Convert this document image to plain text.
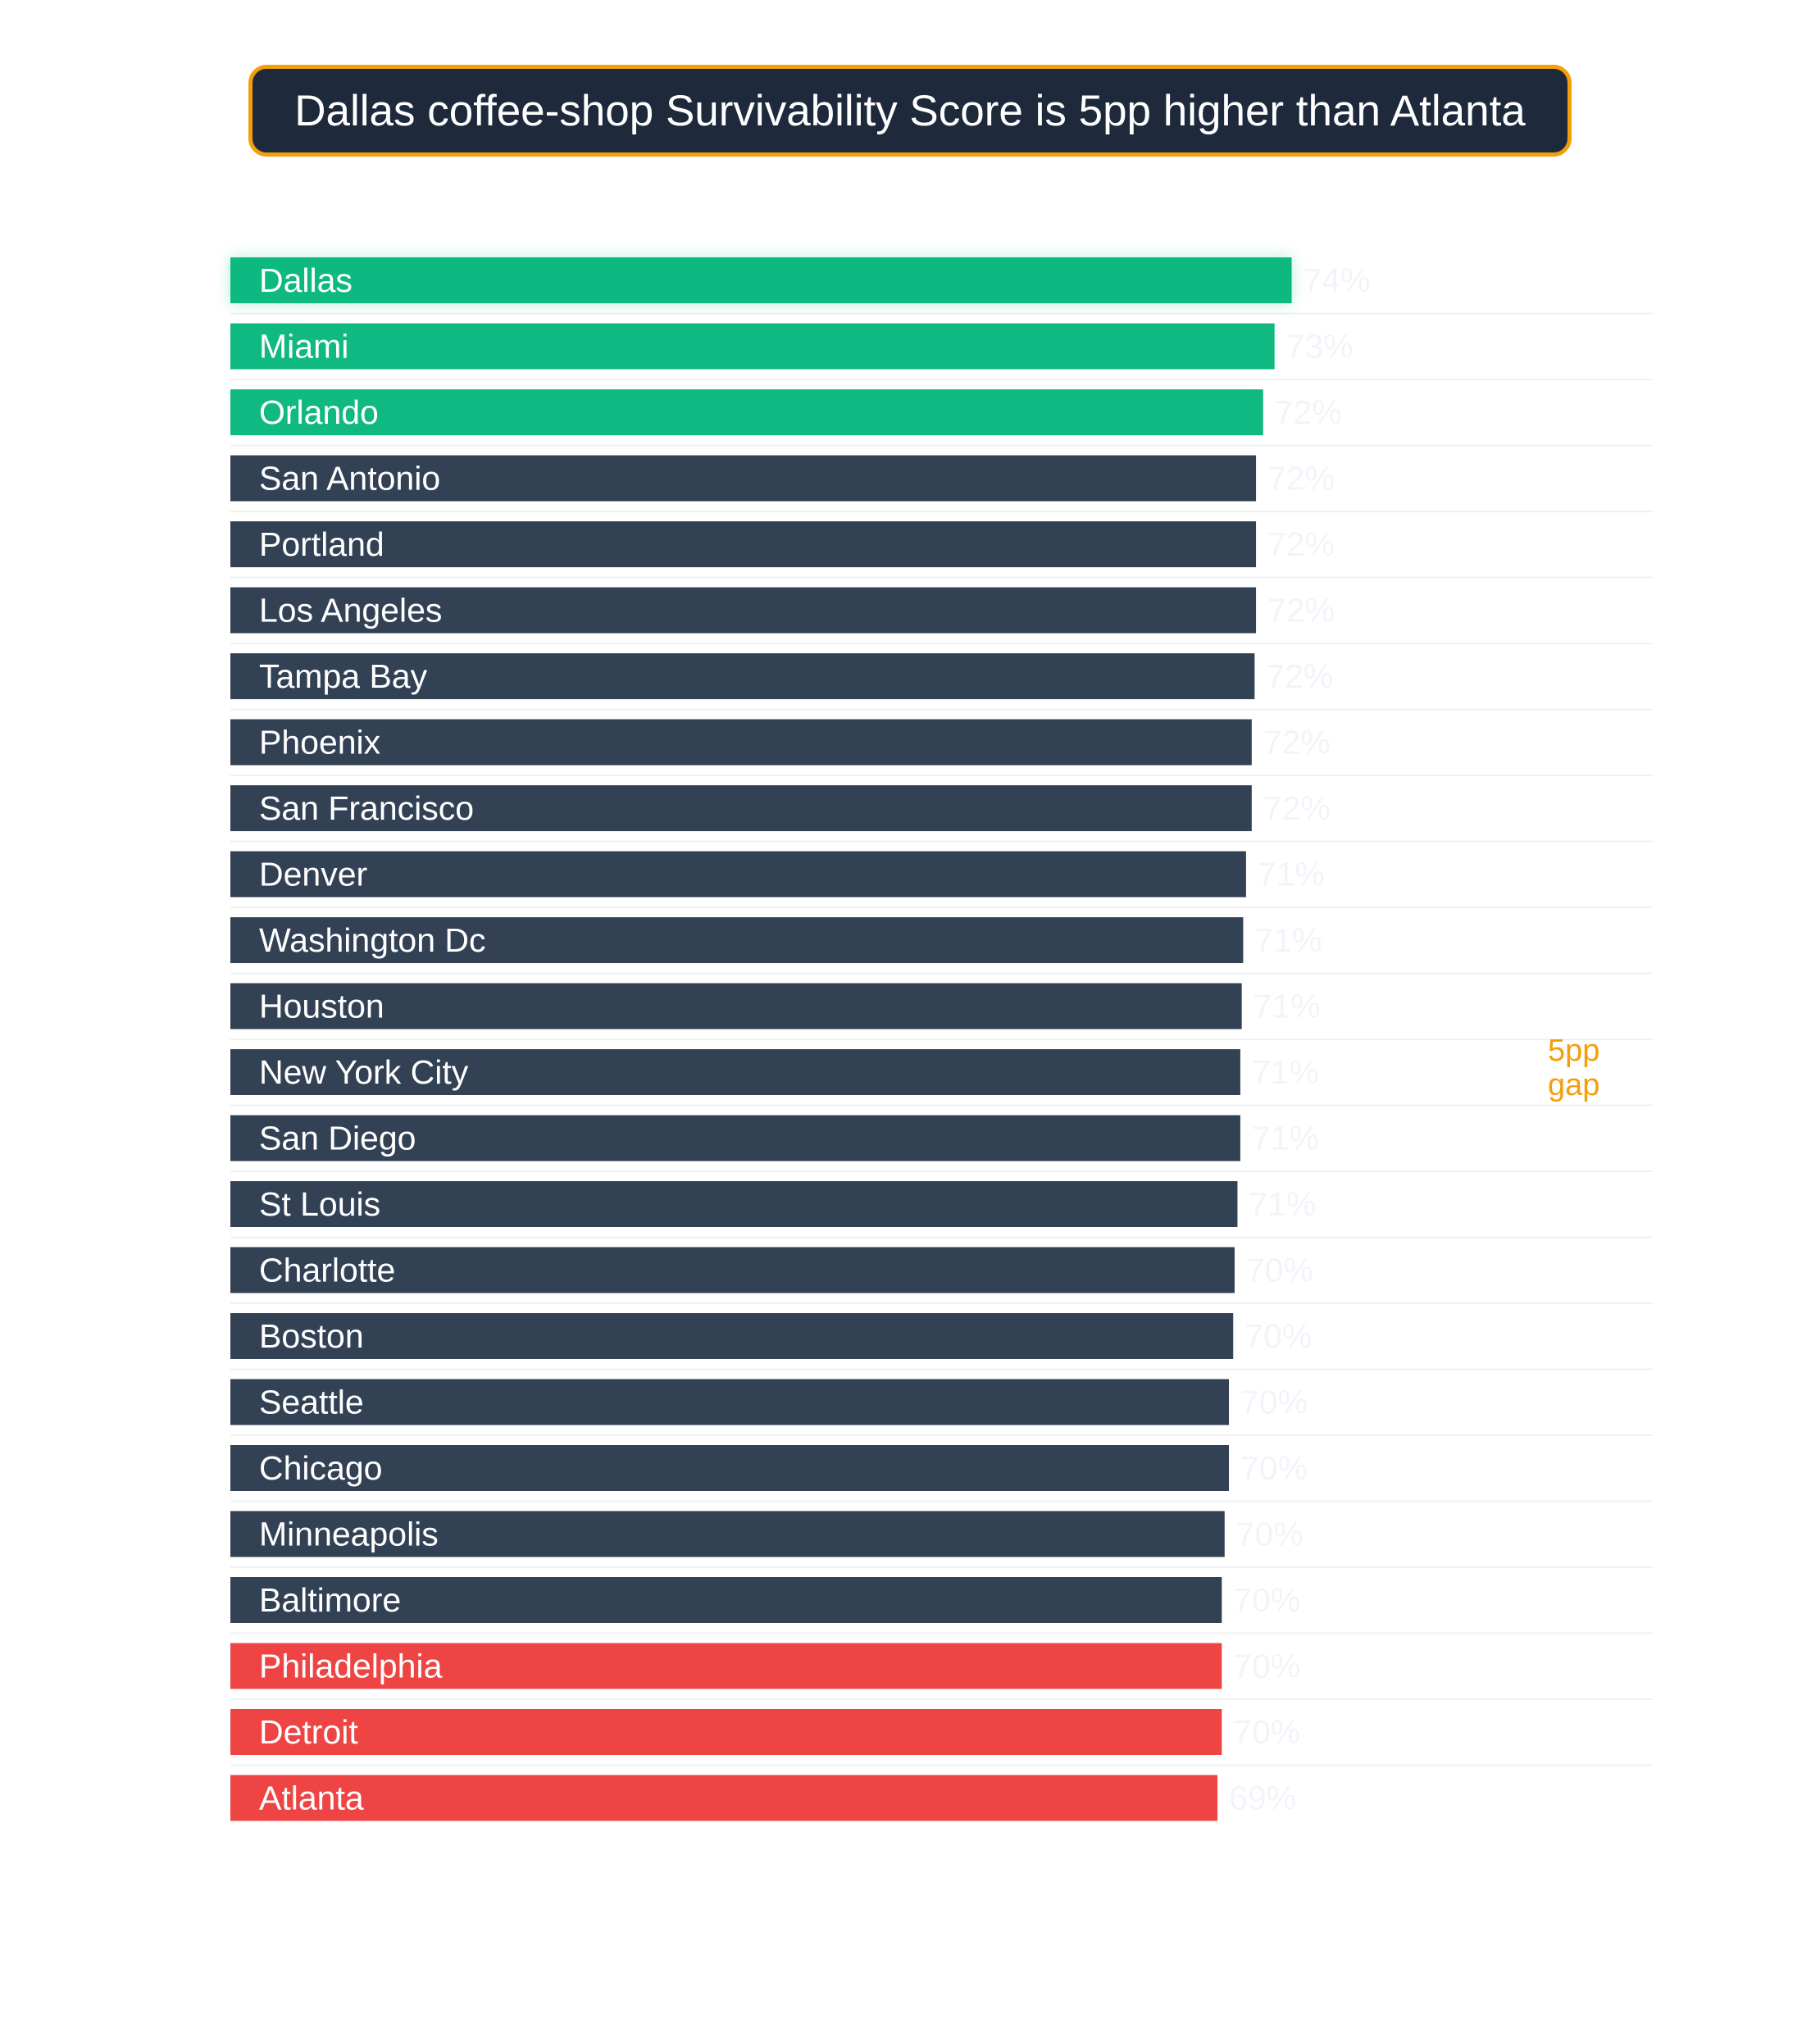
Dallas coffee-shop Survivability Score is 5pp higher than Atlanta
Dallas
Miami
Orlando
San Antonio
Portland
Los Angeles
Tampa Bay
Phoenix
San Francisco
Denver
Washington Dc
Houston
New York City
San Diego
St Louis
Charlotte
Boston
Seattle
Chicago
Minneapolis
Baltimore
Philadelphia
Detroit
Atlanta
74%
73%
72%
72%
72%
72%
72%
72%
72%
71%
71%
71%
71%
71%
71%
70%
70%
70%
70%
70%
70%
70%
70%
69%
5pp
gap
